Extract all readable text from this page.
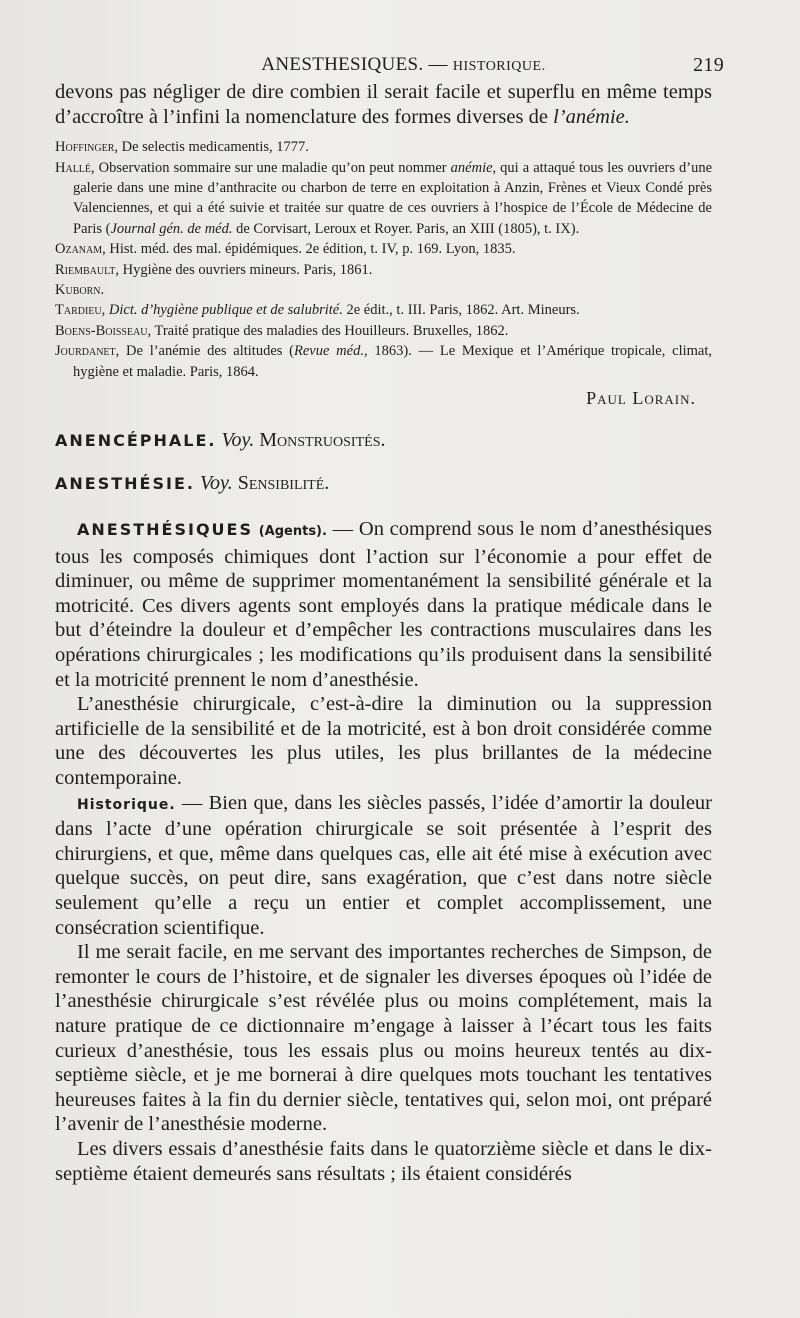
ANESTHESIQUES. — HISTORIQUE.	219

devons pas négliger de dire combien il serait facile et superflu en même temps d’accroître à l’infini la nomenclature des formes diverses de l’anémie.

Hoffinger, De selectis medicamentis, 1777.

Hallé, Observation sommaire sur une maladie qu’on peut nommer anémie, qui a attaqué tous les ouvriers d’une galerie dans une mine d’anthracite ou charbon de terre en exploitation à Anzin, Frènes et Vieux Condé près Valenciennes, et qui a été suivie et traitée sur quatre de ces ouvriers à l’hospice de l’École de Médecine de Paris (Journal gén. de méd. de Corvisart, Leroux et Royer. Paris, an XIII (1805), t. IX).

Ozanam, Hist. méd. des mal. épidémiques. 2e édition, t. IV, p. 169. Lyon, 1835.

Riembault, Hygiène des ouvriers mineurs. Paris, 1861.

Kuborn.

Tardieu, Dict. d’hygiène publique et de salubrité. 2e édit., t. III. Paris, 1862. Art. Mineurs.

Boens-Boisseau, Traité pratique des maladies des Houilleurs. Bruxelles, 1862.

Jourdanet, De l’anémie des altitudes (Revue méd., 1863). — Le Mexique et l’Amérique tropicale, climat, hygiène et maladie. Paris, 1864.

Paul Lorain.

ANENCÉPHALE. Voy. Monstruosités.

ANESTHÉSIE. Voy. Sensibilité.

ANESTHÉSIQUES (Agents). — On comprend sous le nom d’anesthésiques tous les composés chimiques dont l’action sur l’économie a pour effet de diminuer, ou même de supprimer momentanément la sensibilité générale et la motricité. Ces divers agents sont employés dans la pratique médicale dans le but d’éteindre la douleur et d’empêcher les contractions musculaires dans les opérations chirurgicales ; les modifications qu’ils produisent dans la sensibilité et la motricité prennent le nom d’anesthésie.

L’anesthésie chirurgicale, c’est-à-dire la diminution ou la suppression artificielle de la sensibilité et de la motricité, est à bon droit considérée comme une des découvertes les plus utiles, les plus brillantes de la médecine contemporaine.

Historique. — Bien que, dans les siècles passés, l’idée d’amortir la douleur dans l’acte d’une opération chirurgicale se soit présentée à l’esprit des chirurgiens, et que, même dans quelques cas, elle ait été mise à exécution avec quelque succès, on peut dire, sans exagération, que c’est dans notre siècle seulement qu’elle a reçu un entier et complet accomplissement, une consécration scientifique.

Il me serait facile, en me servant des importantes recherches de Simpson, de remonter le cours de l’histoire, et de signaler les diverses époques où l’idée de l’anesthésie chirurgicale s’est révélée plus ou moins complétement, mais la nature pratique de ce dictionnaire m’engage à laisser à l’écart tous les faits curieux d’anesthésie, tous les essais plus ou moins heureux tentés au dix-septième siècle, et je me bornerai à dire quelques mots touchant les tentatives heureuses faites à la fin du dernier siècle, tentatives qui, selon moi, ont préparé l’avenir de l’anesthésie moderne.

Les divers essais d’anesthésie faits dans le quatorzième siècle et dans le dix-septième étaient demeurés sans résultats ; ils étaient considérés
